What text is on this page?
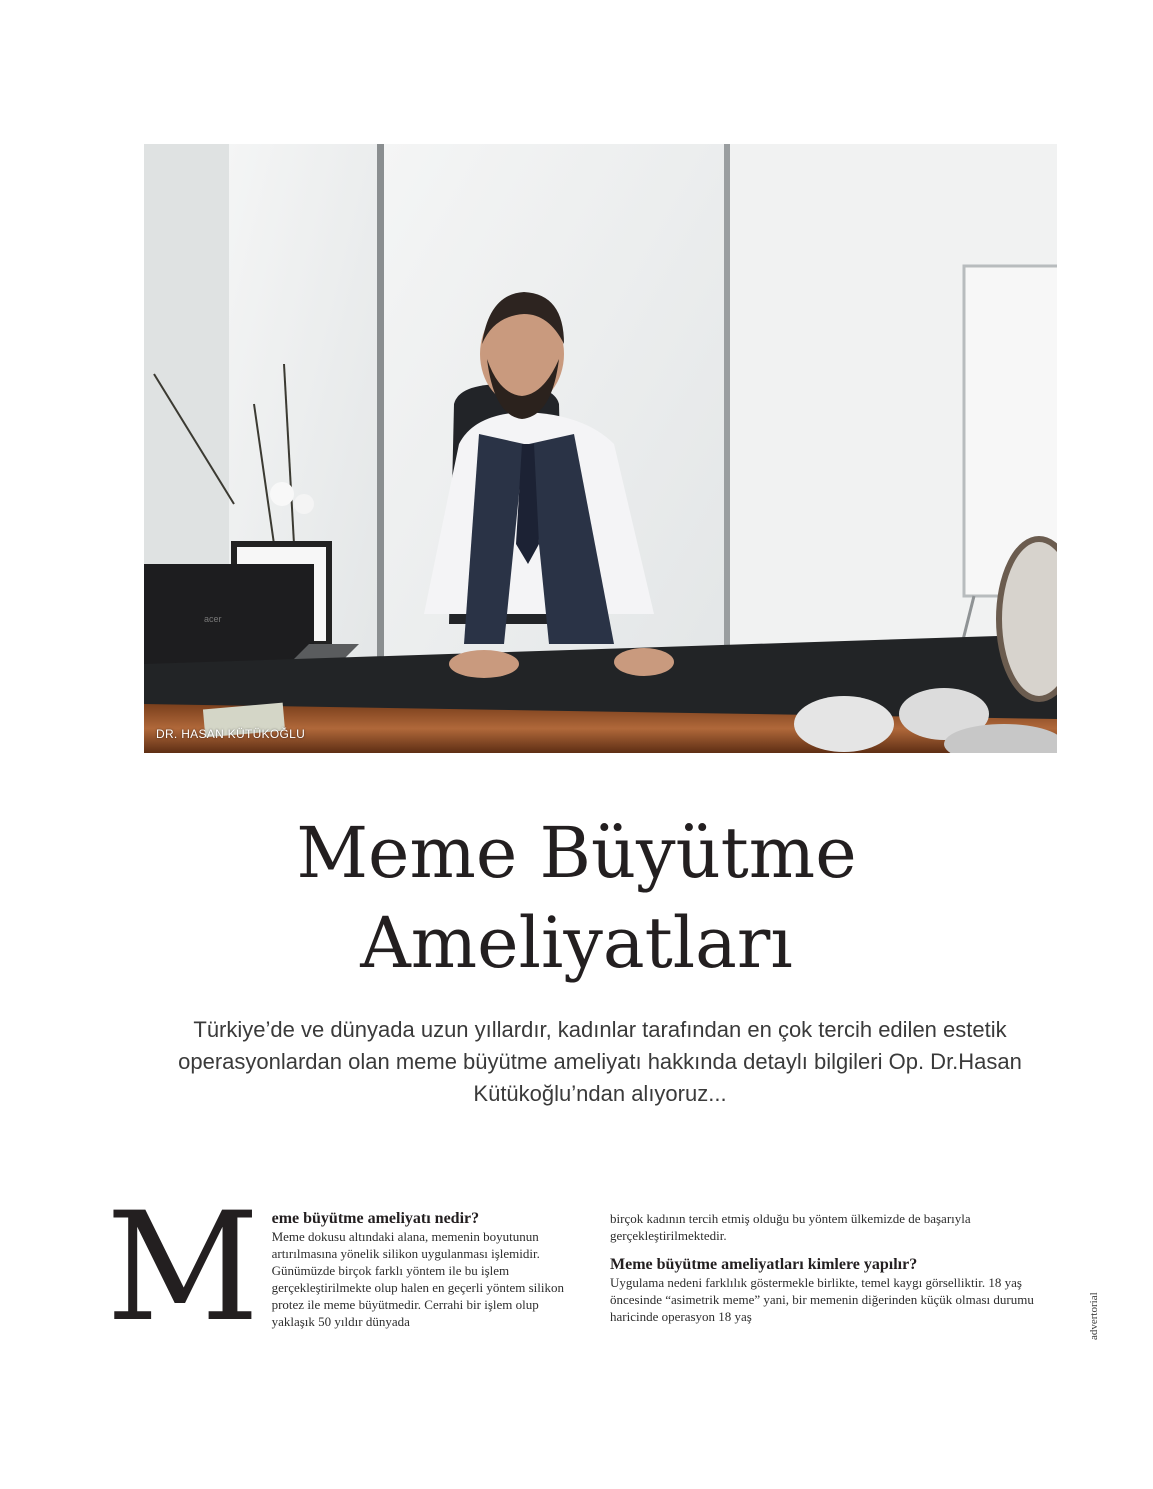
acer
DR. HASAN KÜTÜKOĞLU
Meme Büyütme
Ameliyatları

Türkiye’de ve dünyada uzun yıllardır, kadınlar tarafından en çok tercih edilen estetik operasyonlardan olan meme büyütme ameliyatı hakkında detaylı bilgileri Op. Dr.Hasan Kütükoğlu’ndan alıyoruz...

M eme büyütme ameliyatı nedir?

Meme dokusu altındaki alana, memenin boyutunun artırılmasına yönelik silikon uygulanması işlemidir. Günümüzde birçok farklı yöntem ile bu işlem gerçekleştirilmekte olup halen en geçerli yöntem silikon protez ile meme büyütmedir. Cerrahi bir işlem olup yaklaşık 50 yıldır dünyada

birçok kadının tercih etmiş olduğu bu yöntem ülkemizde de başarıyla gerçekleştirilmektedir.

Meme büyütme ameliyatları kimlere yapılır?

Uygulama nedeni farklılık göstermekle birlikte, temel kaygı görselliktir. 18 yaş öncesinde “asimetrik meme” yani, bir memenin diğerinden küçük olması durumu haricinde operasyon 18 yaş	advertorial
